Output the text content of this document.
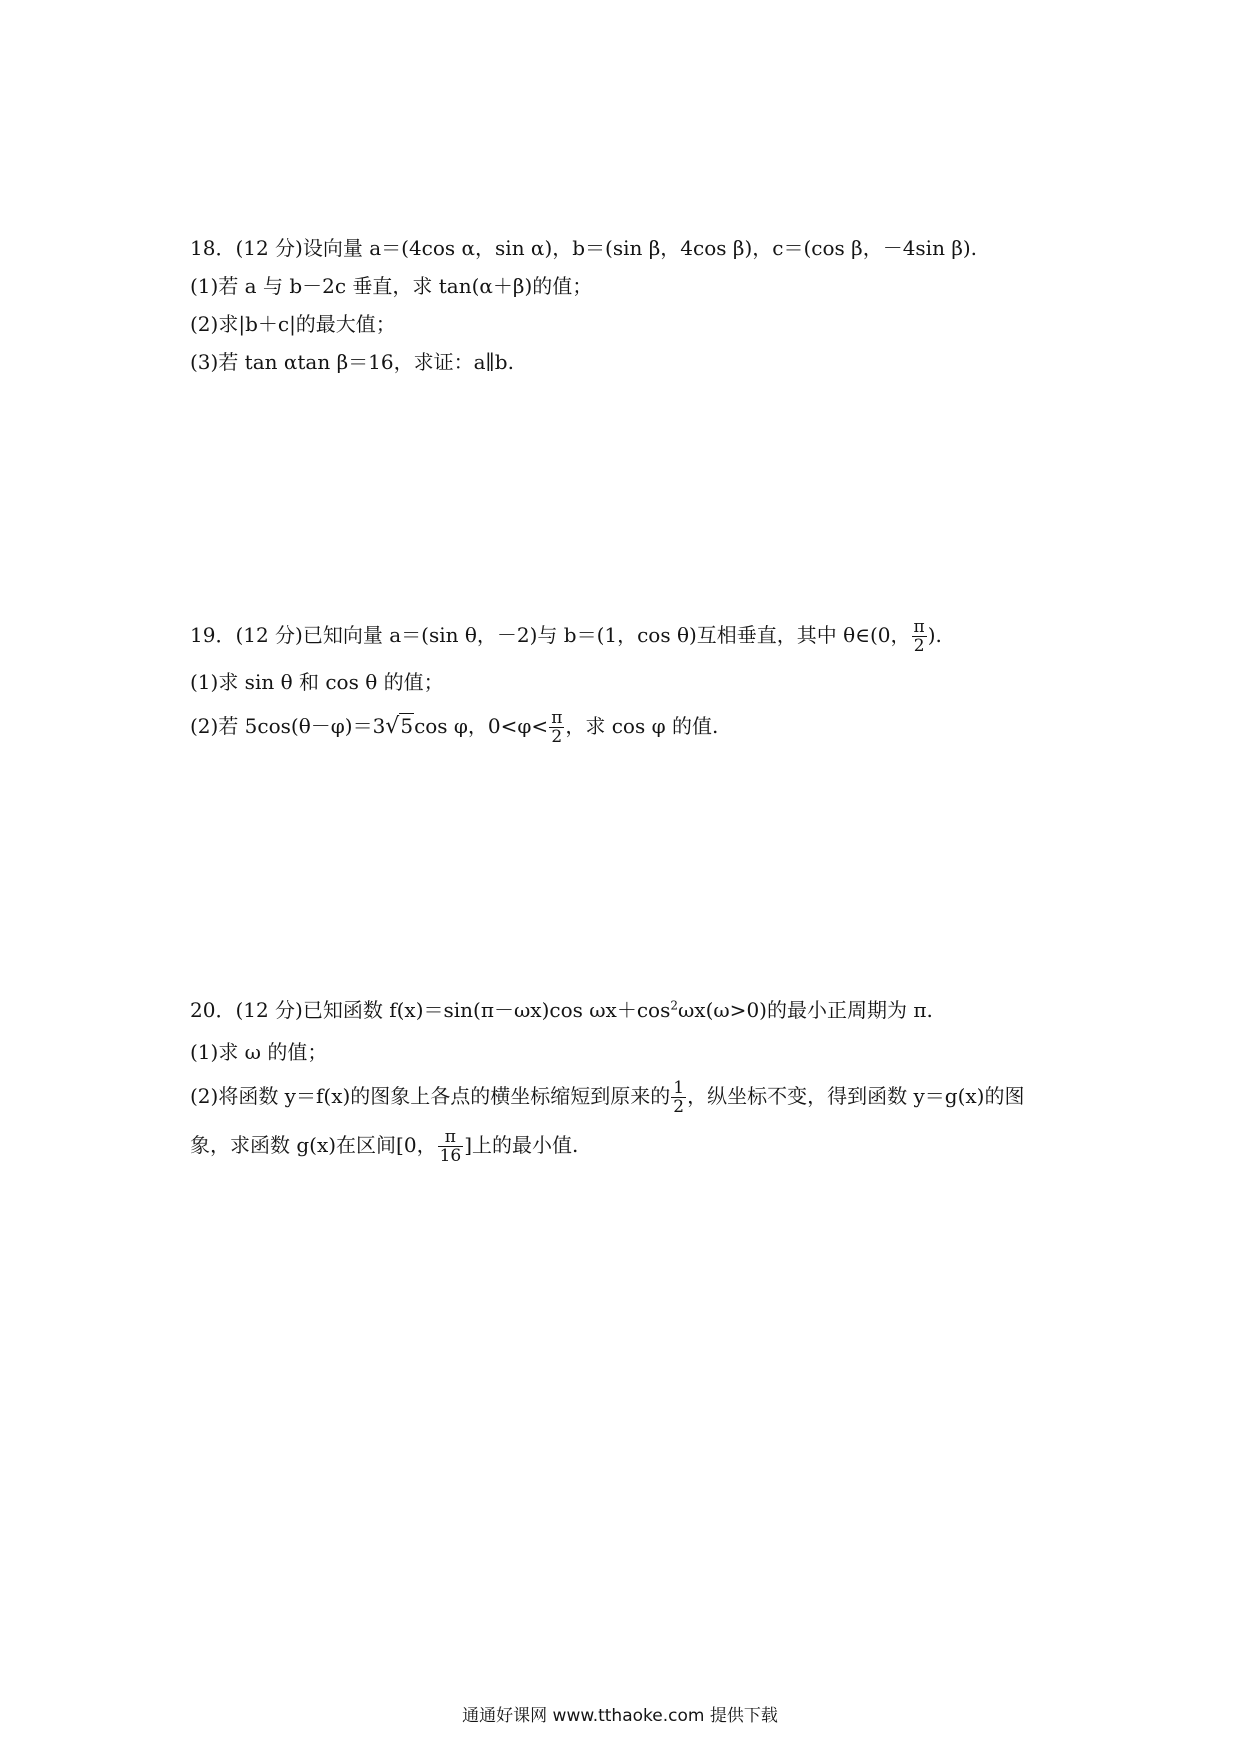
18．(12 分)设向量 a＝(4cos α，sin α)，b＝(sin β，4cos β)，c＝(cos β，－4sin β).
(1)若 a 与 b－2c 垂直，求 tan(α＋β)的值；
(2)求|b＋c|的最大值；
(3)若 tan αtan β＝16，求证：a∥b.
19．(12 分)已知向量 a＝(sin θ，－2)与 b＝(1，cos θ)互相垂直，其中 θ∈(0， $\frac{\pi}{2}$ ).
(1)求 sin θ 和 cos θ 的值；
(2)若 5cos(θ－φ)＝3√5cos φ，$0<\varphi< \frac{\pi}{2}$ ，求 cos φ 的值.
20．(12 分)已知函数 f(x)＝sin(π－ωx)cos $\omega x+\cos^2\omega x(\omega>0)$的最小正周期为 π.
(1)求 ω 的值；
(2)将函数 y＝f(x)的图象上各点的横坐标缩短到原来的 $\frac{1}{2}$ ，纵坐标不变，得到函数 y＝g(x)的图
象，求函数 g(x)在区间[0， $\frac{\pi}{16}$ ]上的最小值.
通通好课网 www.tthaoke.com 提供下载
